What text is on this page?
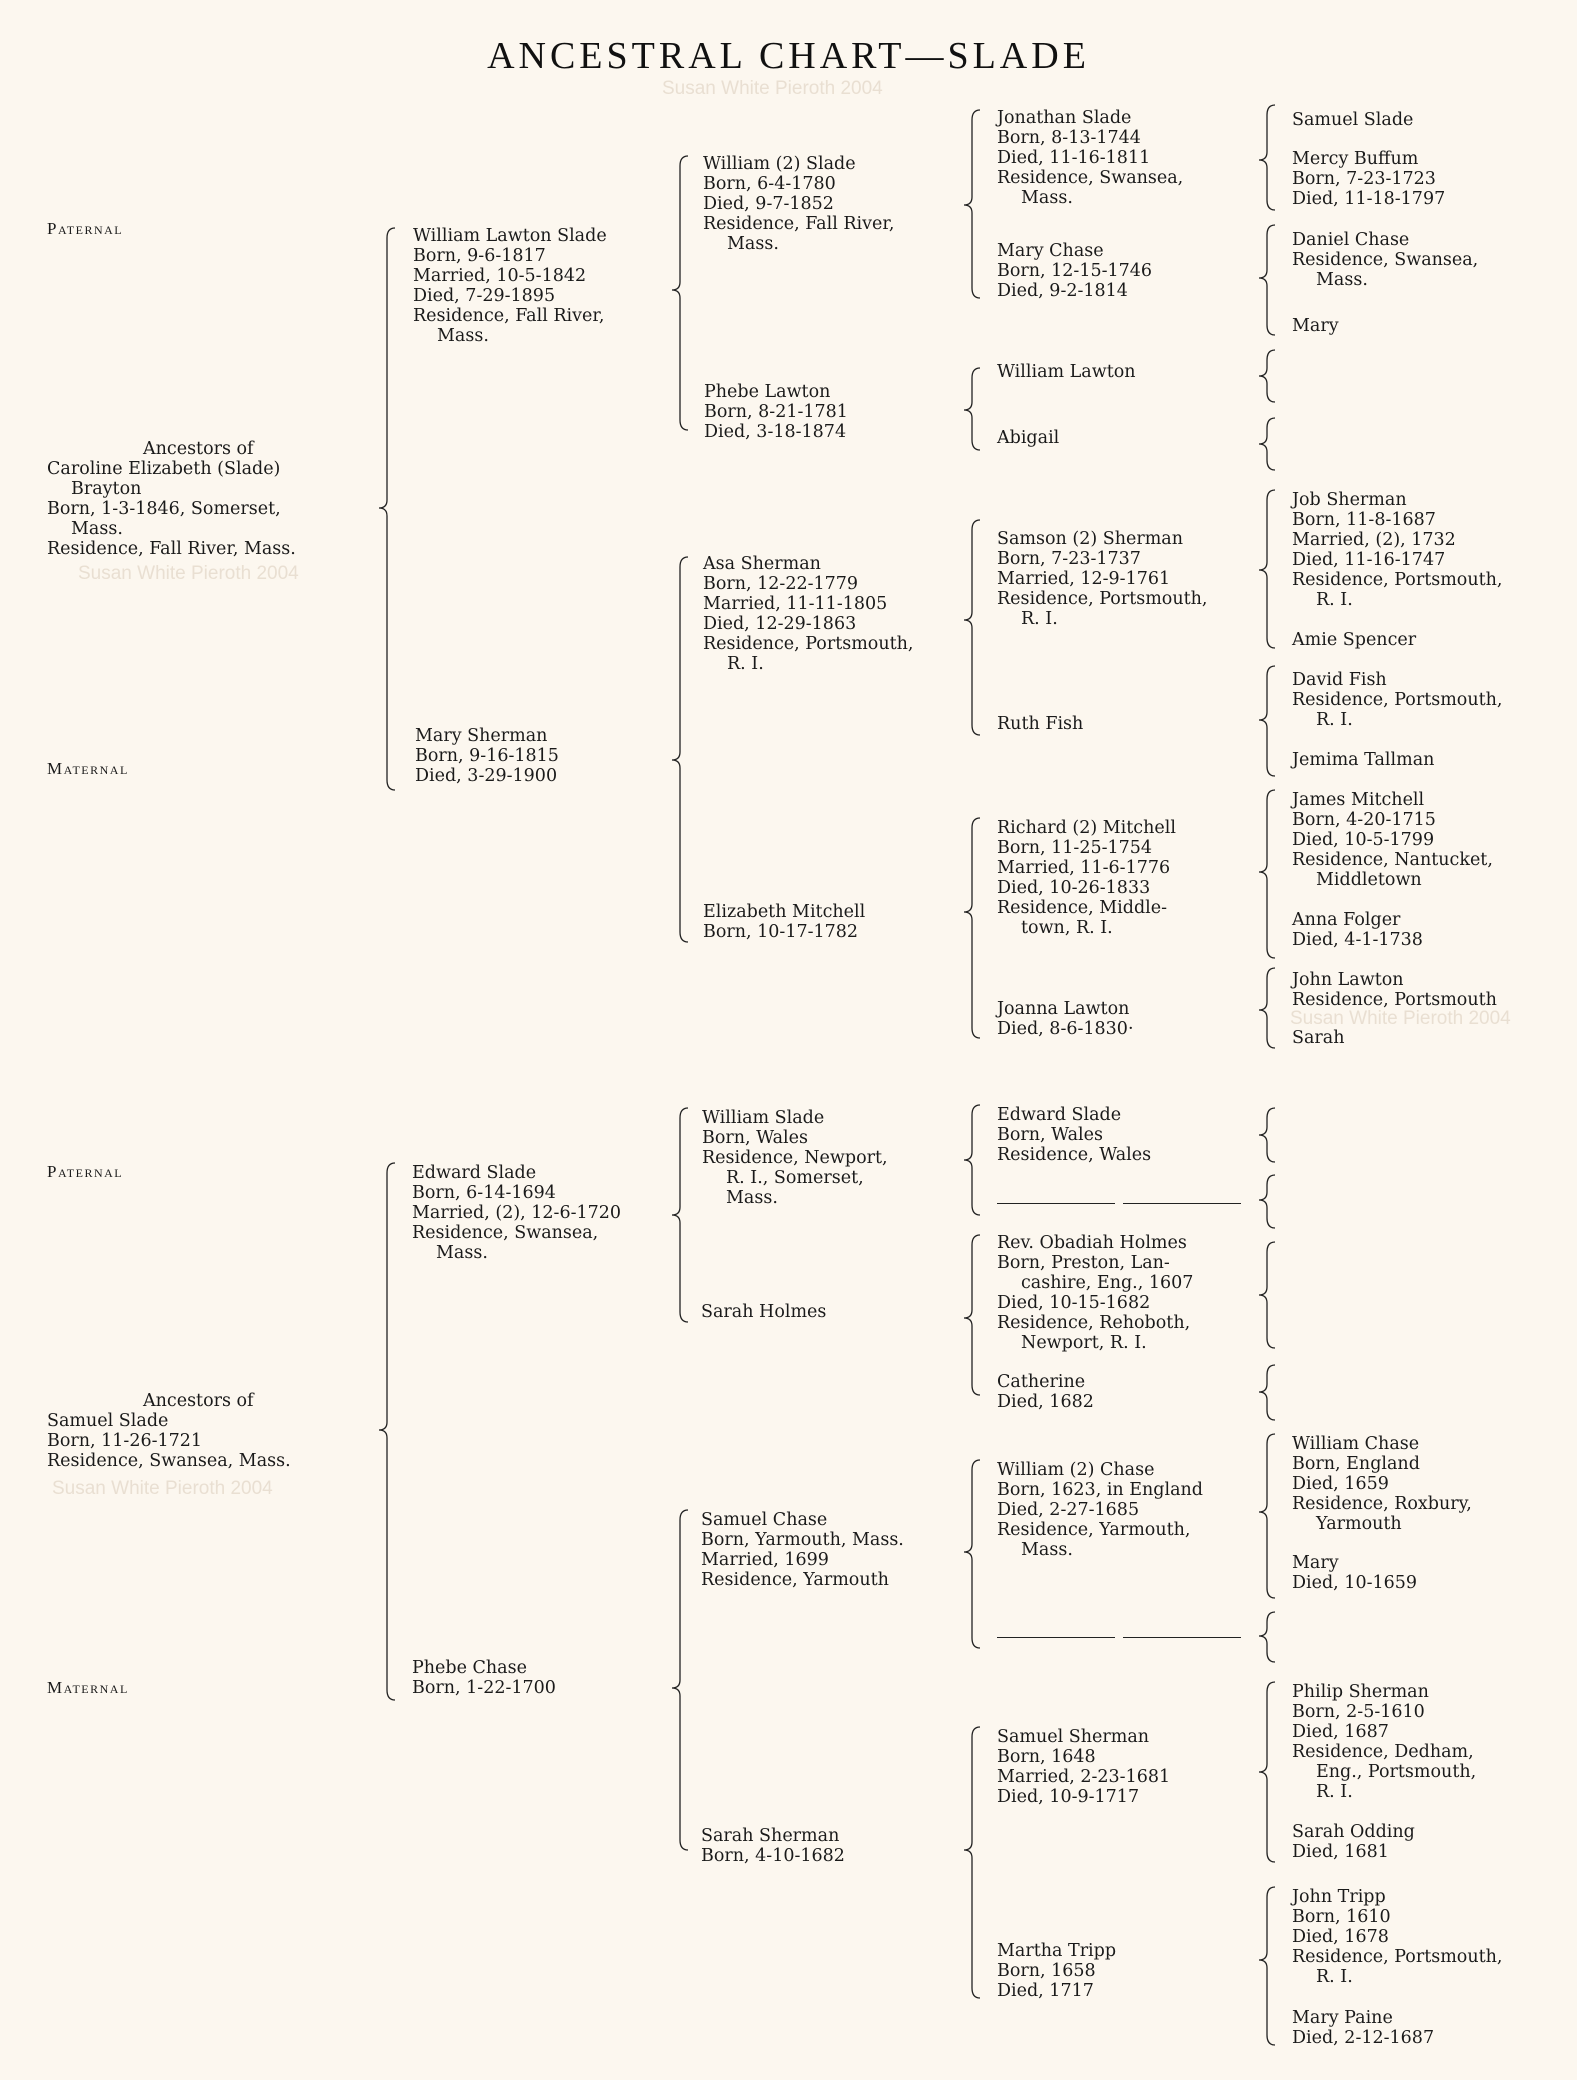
ANCESTRAL CHART—SLADE
Susan White Pieroth 2004
Susan White Pieroth 2004
Susan White Pieroth 2004
Susan White Pieroth 2004
Paternal
Maternal
Paternal
Maternal
Ancestors of
Caroline Elizabeth (Slade)
Brayton
Born, 1-3-1846, Somerset,
Mass.
Residence, Fall River, Mass.
Ancestors of
Samuel Slade
Born, 11-26-1721
Residence, Swansea, Mass.
William Lawton Slade
Born, 9-6-1817
Married, 10-5-1842
Died, 7-29-1895
Residence, Fall River,
Mass.
Mary Sherman
Born, 9-16-1815
Died, 3-29-1900
William (2) Slade
Born, 6-4-1780
Died, 9-7-1852
Residence, Fall River,
Mass.
Phebe Lawton
Born, 8-21-1781
Died, 3-18-1874
Asa Sherman
Born, 12-22-1779
Married, 11-11-1805
Died, 12-29-1863
Residence, Portsmouth,
R. I.
Elizabeth Mitchell
Born, 10-17-1782
Jonathan Slade
Born, 8-13-1744
Died, 11-16-1811
Residence, Swansea,
Mass.
Mary Chase
Born, 12-15-1746
Died, 9-2-1814
William Lawton
Abigail
Samson (2) Sherman
Born, 7-23-1737
Married, 12-9-1761
Residence, Portsmouth,
R. I.
Ruth Fish
Richard (2) Mitchell
Born, 11-25-1754
Married, 11-6-1776
Died, 10-26-1833
Residence, Middle-
town, R. I.
Joanna Lawton
Died, 8-6-1830·
Samuel Slade
Mercy Buffum
Born, 7-23-1723
Died, 11-18-1797
Daniel Chase
Residence, Swansea,
Mass.
Mary
Job Sherman
Born, 11-8-1687
Married, (2), 1732
Died, 11-16-1747
Residence, Portsmouth,
R. I.
Amie Spencer
David Fish
Residence, Portsmouth,
R. I.
Jemima Tallman
James Mitchell
Born, 4-20-1715
Died, 10-5-1799
Residence, Nantucket,
Middletown
Anna Folger
Died, 4-1-1738
John Lawton
Residence, Portsmouth
Sarah
Edward Slade
Born, 6-14-1694
Married, (2), 12-6-1720
Residence, Swansea,
Mass.
Phebe Chase
Born, 1-22-1700
William Slade
Born, Wales
Residence, Newport,
R. I., Somerset,
Mass.
Sarah Holmes
Samuel Chase
Born, Yarmouth, Mass.
Married, 1699
Residence, Yarmouth
Sarah Sherman
Born, 4-10-1682
Edward Slade
Born, Wales
Residence, Wales
Rev. Obadiah Holmes
Born, Preston, Lan-
cashire, Eng., 1607
Died, 10-15-1682
Residence, Rehoboth,
Newport, R. I.
Catherine
Died, 1682
William (2) Chase
Born, 1623, in England
Died, 2-27-1685
Residence, Yarmouth,
Mass.
Samuel Sherman
Born, 1648
Married, 2-23-1681
Died, 10-9-1717
Martha Tripp
Born, 1658
Died, 1717
William Chase
Born, England
Died, 1659
Residence, Roxbury,
Yarmouth
Mary
Died, 10-1659
Philip Sherman
Born, 2-5-1610
Died, 1687
Residence, Dedham,
Eng., Portsmouth,
R. I.
Sarah Odding
Died, 1681
John Tripp
Born, 1610
Died, 1678
Residence, Portsmouth,
R. I.
Mary Paine
Died, 2-12-1687
